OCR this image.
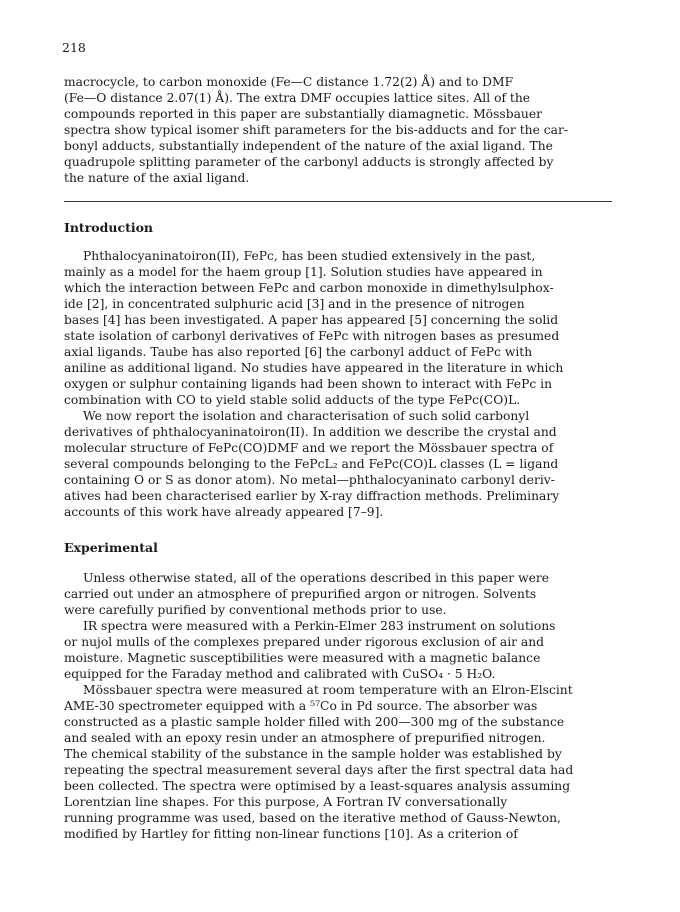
218
macrocycle, to carbon monoxide (Fe—C distance 1.72(2) Å) and to DMF
(Fe—O distance 2.07(1) Å). The extra DMF occupies lattice sites. All of the
compounds reported in this paper are substantially diamagnetic. Mössbauer
spectra show typical isomer shift parameters for the bis-adducts and for the car-
bonyl adducts, substantially independent of the nature of the axial ligand. The
quadrupole splitting parameter of the carbonyl adducts is strongly affected by
the nature of the axial ligand.
Introduction
Phthalocyaninatoiron(II), FePc, has been studied extensively in the past,
mainly as a model for the haem group [1]. Solution studies have appeared in
which the interaction between FePc and carbon monoxide in dimethylsulphox-
ide [2], in concentrated sulphuric acid [3] and in the presence of nitrogen
bases [4] has been investigated. A paper has appeared [5] concerning the solid
state isolation of carbonyl derivatives of FePc with nitrogen bases as presumed
axial ligands. Taube has also reported [6] the carbonyl adduct of FePc with
aniline as additional ligand. No studies have appeared in the literature in which
oxygen or sulphur containing ligands had been shown to interact with FePc in
combination with CO to yield stable solid adducts of the type FePc(CO)L.
We now report the isolation and characterisation of such solid carbonyl
derivatives of phthalocyaninatoiron(II). In addition we describe the crystal and
molecular structure of FePc(CO)DMF and we report the Mössbauer spectra of
several compounds belonging to the FePcL₂ and FePc(CO)L classes (L = ligand
containing O or S as donor atom). No metal—phthalocyaninato carbonyl deriv-
atives had been characterised earlier by X-ray diffraction methods. Preliminary
accounts of this work have already appeared [7–9].
Experimental
Unless otherwise stated, all of the operations described in this paper were
carried out under an atmosphere of prepurified argon or nitrogen. Solvents
were carefully purified by conventional methods prior to use.
IR spectra were measured with a Perkin-Elmer 283 instrument on solutions
or nujol mulls of the complexes prepared under rigorous exclusion of air and
moisture. Magnetic susceptibilities were measured with a magnetic balance
equipped for the Faraday method and calibrated with CuSO₄ · 5 H₂O.
Mössbauer spectra were measured at room temperature with an Elron-Elscint
AME-30 spectrometer equipped with a ⁵⁷Co in Pd source. The absorber was
constructed as a plastic sample holder filled with 200—300 mg of the substance
and sealed with an epoxy resin under an atmosphere of prepurified nitrogen.
The chemical stability of the substance in the sample holder was established by
repeating the spectral measurement several days after the first spectral data had
been collected. The spectra were optimised by a least-squares analysis assuming
Lorentzian line shapes. For this purpose, A Fortran IV conversationally
running programme was used, based on the iterative method of Gauss-Newton,
modified by Hartley for fitting non-linear functions [10]. As a criterion of
